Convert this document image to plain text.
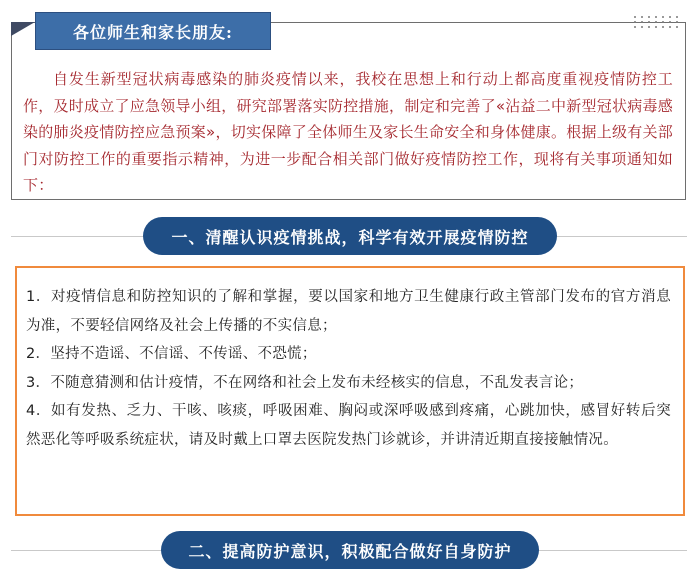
各位师生和家长朋友:

自发生新型冠状病毒感染的肺炎疫情以来，我校在思想上和行动上都高度重视疫情防控工作，及时成立了应急领导小组，研究部署落实防控措施，制定和完善了«沾益二中新型冠状病毒感染的肺炎疫情防控应急预案»，切实保障了全体师生及家长生命安全和身体健康。根据上级有关部门对防控工作的重要指示精神，为进一步配合相关部门做好疫情防控工作，现将有关事项通知如下：

一、清醒认识疫情挑战，科学有效开展疫情防控
1．对疫情信息和防控知识的了解和掌握，要以国家和地方卫生健康行政主管部门发布的官方消息为准，不要轻信网络及社会上传播的不实信息；
2．坚持不造谣、不信谣、不传谣、不恐慌；
3．不随意猜测和估计疫情，不在网络和社会上发布未经核实的信息，不乱发表言论；
4．如有发热、乏力、干咳、咳痰，呼吸困难、胸闷或深呼吸感到疼痛，心跳加快，感冒好转后突然恶化等呼吸系统症状，请及时戴上口罩去医院发热门诊就诊，并讲清近期直接接触情况。
二、提高防护意识，积极配合做好自身防护
